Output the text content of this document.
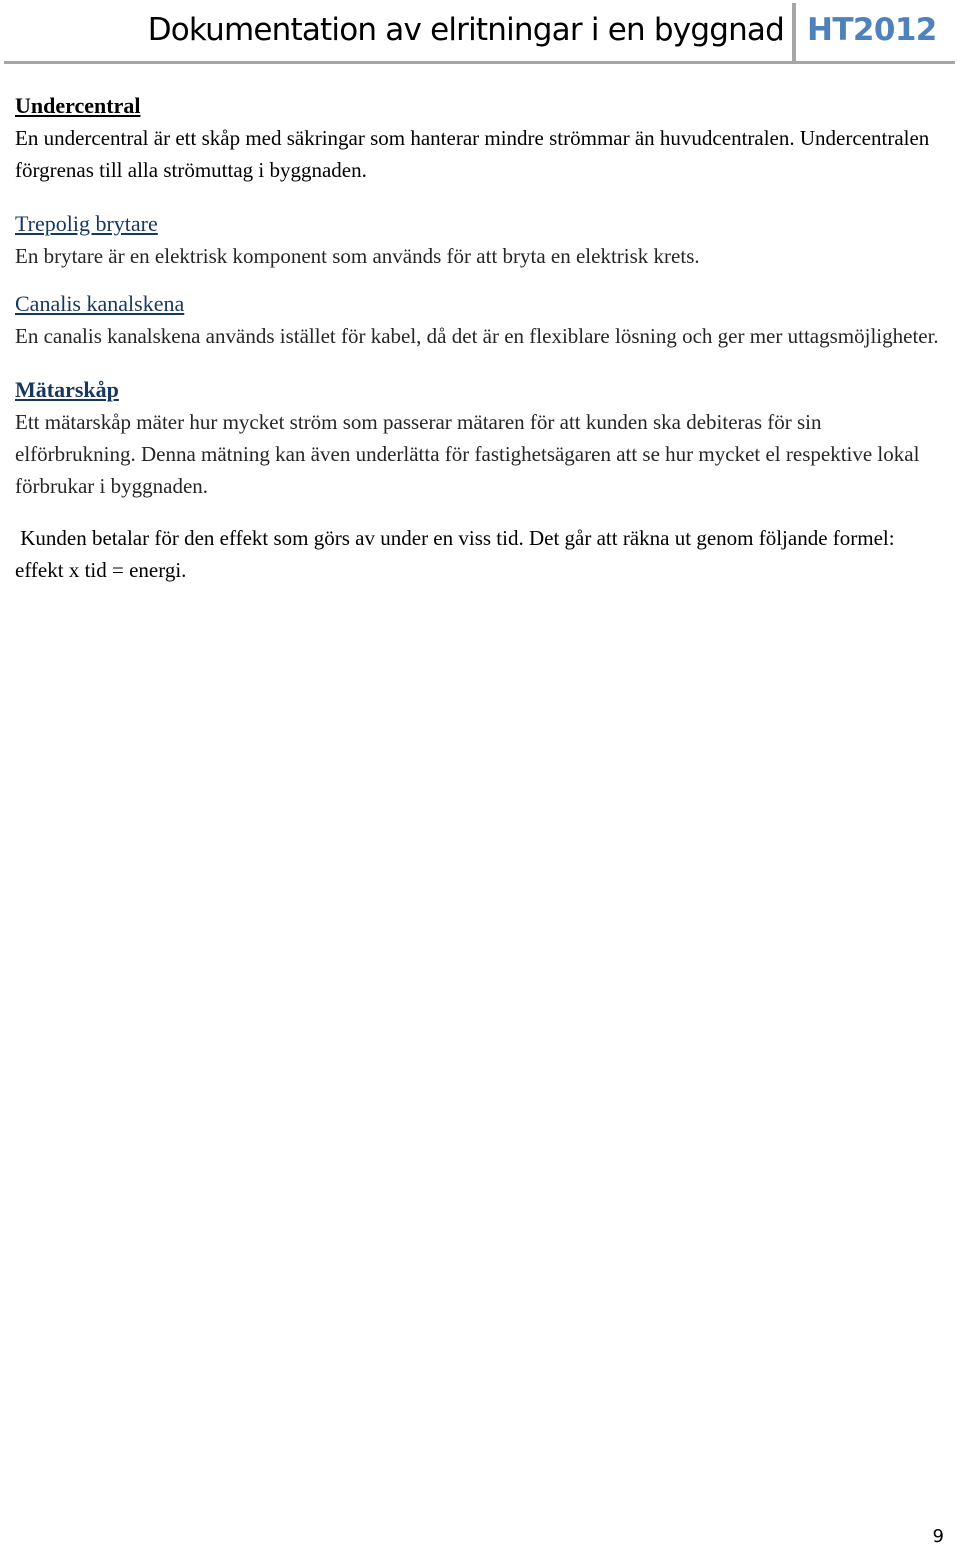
Dokumentation av elritningar i en byggnad HT2012
Undercentral
En undercentral är ett skåp med säkringar som hanterar mindre strömmar än huvudcentralen. Undercentralen förgrenas till alla strömuttag i byggnaden.
Trepolig brytare
En brytare är en elektrisk komponent som används för att bryta en elektrisk krets.
Canalis kanalskena
En canalis kanalskena används istället för kabel, då det är en flexiblare lösning och ger mer uttagsmöjligheter.
Mätarskåp
Ett mätarskåp mäter hur mycket ström som passerar mätaren för att kunden ska debiteras för sin elförbrukning. Denna mätning kan även underlätta för fastighetsägaren att se hur mycket el respektive lokal förbrukar i byggnaden.
Kunden betalar för den effekt som görs av under en viss tid. Det går att räkna ut genom följande formel: effekt x tid = energi.
9
